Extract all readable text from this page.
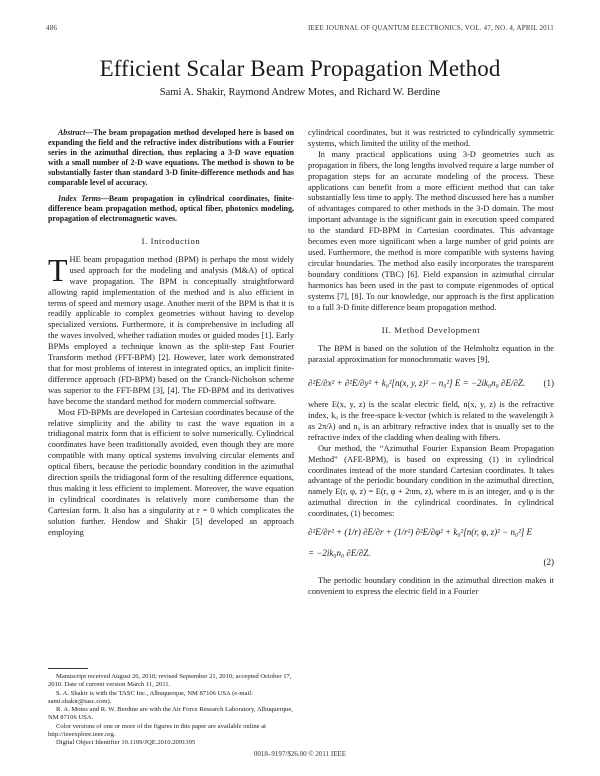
486	IEEE JOURNAL OF QUANTUM ELECTRONICS, VOL. 47, NO. 4, APRIL 2011
Efficient Scalar Beam Propagation Method
Sami A. Shakir, Raymond Andrew Motes, and Richard W. Berdine

Abstract—The beam propagation method developed here is based on expanding the field and the refractive index distributions with a Fourier series in the azimuthal direction, thus replacing a 3-D wave equation with a small number of 2-D wave equations. The method is shown to be substantially faster than standard 3-D finite-difference methods and has comparable level of accuracy.

Index Terms—Beam propagation in cylindrical coordinates, finite-difference beam propagation method, optical fiber, photonics modeling, propagation of electromagnetic waves.

I. Introduction

THE beam propagation method (BPM) is perhaps the most widely used approach for the modeling and analysis (M&A) of optical wave propagation. The BPM is conceptually straightforward allowing rapid implementation of the method and is also efficient in terms of speed and memory usage. Another merit of the BPM is that it is readily applicable to complex geometries without having to develop specialized versions. Furthermore, it is comprehensive in including all the waves involved, whether radiation modes or guided modes [1]. Early BPMs employed a technique known as the split-step Fast Fourier Transform method (FFT-BPM) [2]. However, later work demonstrated that for most problems of interest in integrated optics, an implicit finite-difference approach (FD-BPM) based on the Cranck-Nicholson scheme was superior to the FFT-BPM [3], [4]. The FD-BPM and its derivatives have become the standard method for modern commercial software.

Most FD-BPMs are developed in Cartesian coordinates because of the relative simplicity and the ability to cast the wave equation in a tridiagonal matrix form that is efficient to solve numerically. Cylindrical coordinates have been traditionally avoided, even though they are more compatible with many optical systems involving circular elements and optical fibers, because the periodic boundary condition in the azimuthal direction spoils the tridiagonal form of the resulting difference equations, thus making it less efficient to implement. Moreover, the wave equation in cylindrical coordinates is relatively more cumbersome than the Cartesian form. It also has a singularity at r = 0 which complicates the solution further. Hendow and Shakir [5] developed an approach employing

Manuscript received August 26, 2010; revised September 21, 2010; accepted October 17, 2010. Date of current version March 11, 2011.
S. A. Shakir is with the TASC Inc., Albuquerque, NM 87106 USA (e-mail: sami.shakir@tasc.com).
R. A. Motes and R. W. Berdine are with the Air Force Research Laboratory, Albuquerque, NM 87106 USA.
Color versions of one or more of the figures in this paper are available online at http://ieeexplore.ieee.org.
Digital Object Identifier 10.1109/JQE.2010.2091395

cylindrical coordinates, but it was restricted to cylindrically symmetric systems, which limited the utility of the method.

In many practical applications using 3-D geometries such as propagation in fibers, the long lengths involved require a large number of propagation steps for an accurate modeling of the process. These applications can benefit from a more efficient method that can take substantially less time to apply. The method discussed here has a number of advantages compared to other methods in the 3-D domain. The most important advantage is the significant gain in execution speed compared to the standard FD-BPM in Cartesian coordinates. This advantage becomes even more significant when a large number of grid points are used. Furthermore, the method is more compatible with systems having circular boundaries. The method also easily incorporates the transparent boundary conditions (TBC) [6]. Field expansion in azimuthal circular harmonics has been used in the past to compute eigenmodes of optical systems [7], [8]. To our knowledge, our approach is the first application to a full 3-D finite difference beam propagation method.

II. Method Development

The BPM is based on the solution of the Helmholtz equation in the paraxial approximation for monochromatic waves [9],

∂²E/∂x² + ∂²E/∂y² + k₀²[n(x, y, z)² − n₀²] E = −2ik₀n₀ ∂E/∂Z. (1)

where E(x, y, z) is the scalar electric field, n(x, y, z) is the refractive index, k₀ is the free-space k-vector (which is related to the wavelength λ as 2π/λ) and n₀ is an arbitrary refractive index that is usually set to the refractive index of the cladding when dealing with fibers.

Our method, the “Azimuthal Fourier Expansion Beam Propagation Method” (AFE-BPM), is based on expressing (1) in cylindrical coordinates instead of the more standard Cartesian coordinates. It takes advantage of the periodic boundary condition in the azimuthal direction, namely E(r, φ, z) = E(r, φ + 2πm, z), where m is an integer, and φ is the azimuthal direction in the cylindrical coordinates. In cylindrical coordinates, (1) becomes:

∂²E/∂r² + (1/r) ∂E/∂r + (1/r²) ∂²E/∂φ² + k₀²[n(r, φ, z)² − n₀²] E
= −2ik₀n₀ ∂E/∂Z.
(2)

The periodic boundary condition in the azimuthal direction makes it convenient to express the electric field in a Fourier

0018–9197/$26.00 © 2011 IEEE
